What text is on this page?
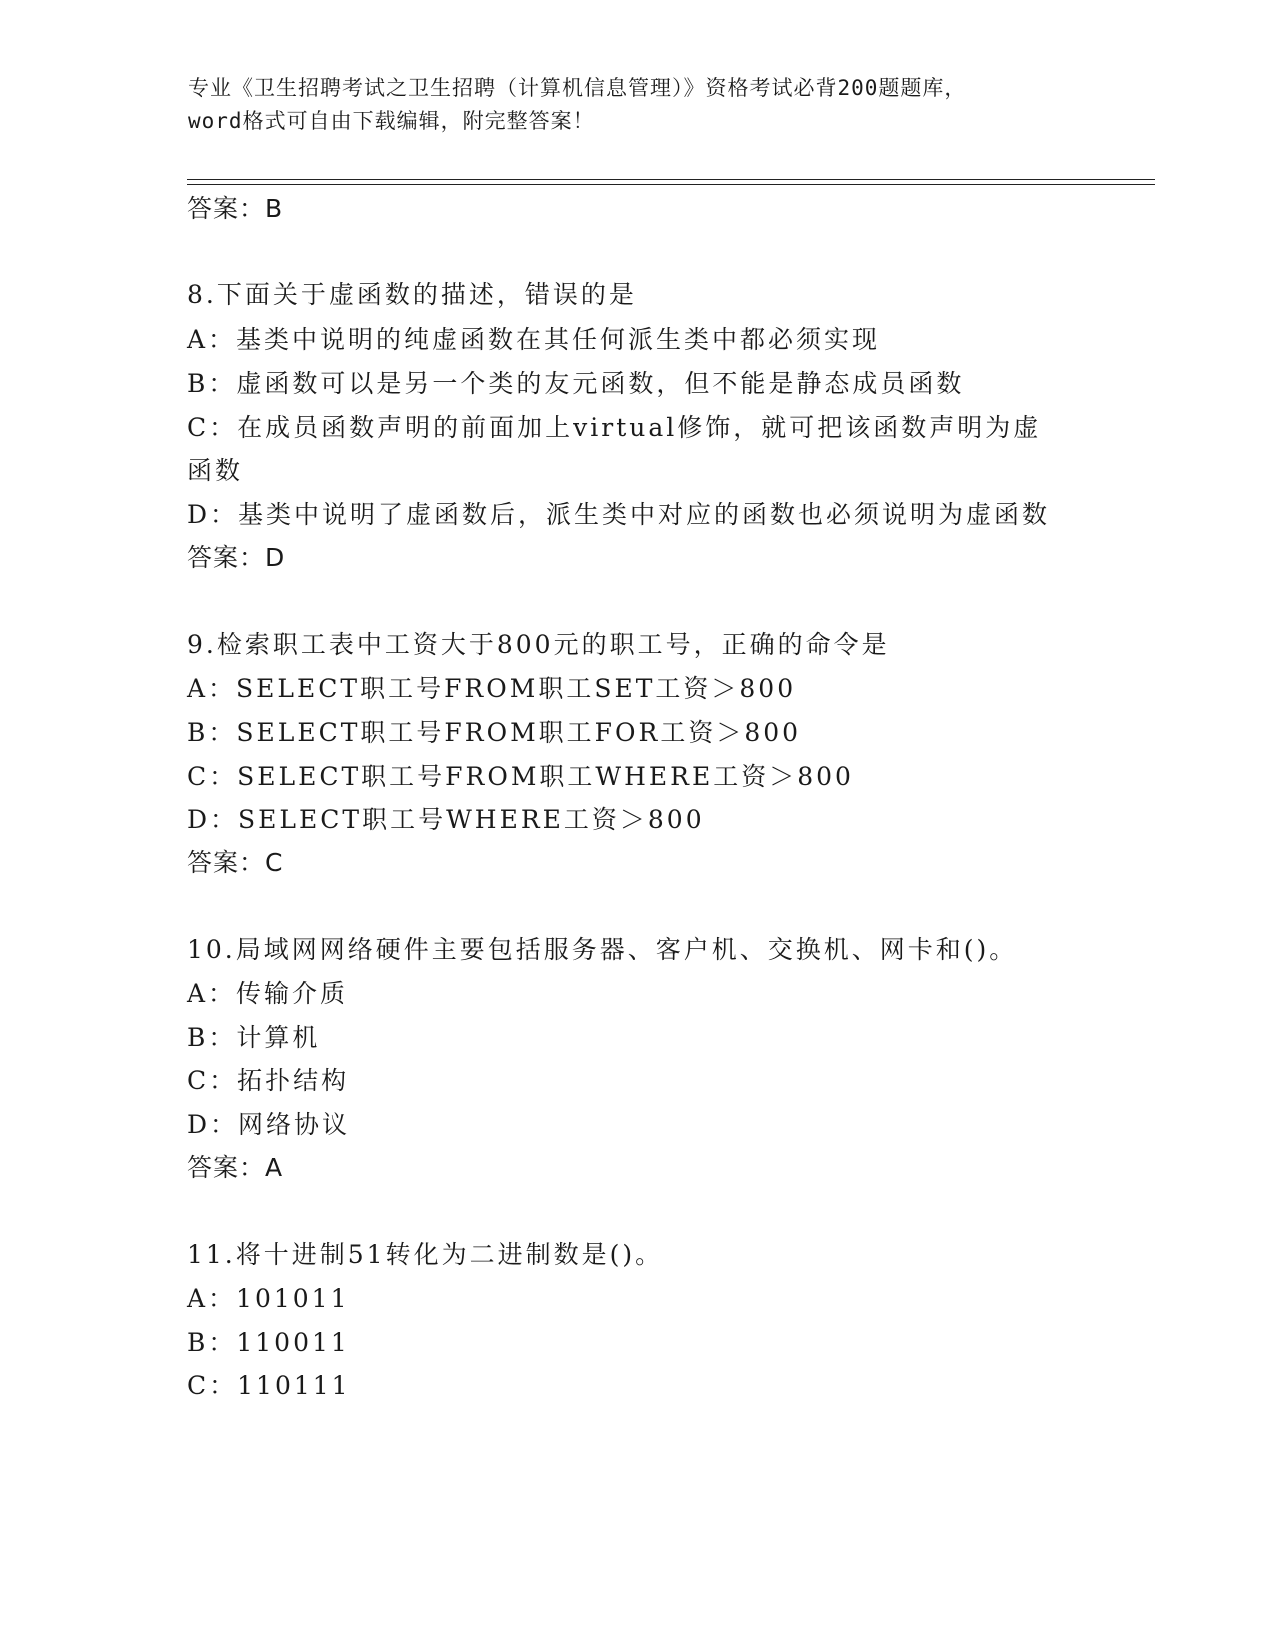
专业《卫生招聘考试之卫生招聘（计算机信息管理）》资格考试必背200题题库，
word格式可自由下载编辑，附完整答案！
答案：B
8.下面关于虚函数的描述，错误的是
A：基类中说明的纯虚函数在其任何派生类中都必须实现
B：虚函数可以是另一个类的友元函数，但不能是静态成员函数
C：在成员函数声明的前面加上virtual修饰，就可把该函数声明为虚
函数
D：基类中说明了虚函数后，派生类中对应的函数也必须说明为虚函数
答案：D
9.检索职工表中工资大于800元的职工号，正确的命令是
A：SELECT职工号FROM职工SET工资＞800
B：SELECT职工号FROM职工FOR工资＞800
C：SELECT职工号FROM职工WHERE工资＞800
D：SELECT职工号WHERE工资＞800
答案：C
10.局域网网络硬件主要包括服务器、客户机、交换机、网卡和()。
A：传输介质
B：计算机
C：拓扑结构
D：网络协议
答案：A
11.将十进制51转化为二进制数是()。
A：101011
B：110011
C：110111
